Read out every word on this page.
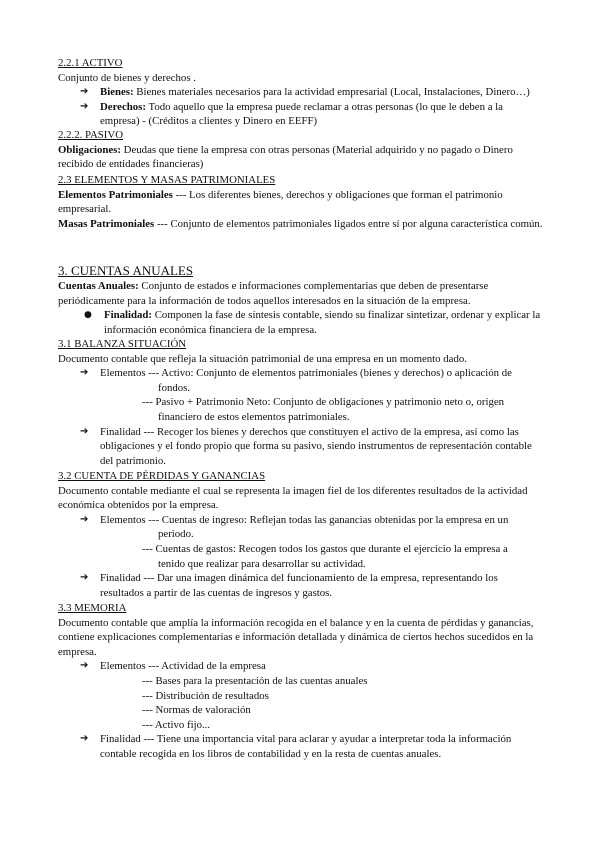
2.2.1 ACTIVO

Conjunto de bienes y derechos .

➔	Bienes: Bienes materiales necesarios para la actividad empresarial (Local, Instalaciones, Dinero…)
➔	Derechos: Todo aquello que la empresa puede reclamar a otras personas (lo que le deben a la empresa) - (Créditos a clientes y Dinero en EEFF)

2.2.2. PASIVO

Obligaciones: Deudas que tiene la empresa con otras personas (Material adquirido y no pagado o Dinero recibido de entidades financieras)

2.3 ELEMENTOS Y MASAS PATRIMONIALES

Elementos Patrimoniales --- Los diferentes bienes, derechos y obligaciones que forman el patrimonio empresarial.

Masas Patrimoniales --- Conjunto de elementos patrimoniales ligados entre sí por alguna característica común.

3. CUENTAS ANUALES

Cuentas Anuales: Conjunto de estados e informaciones complementarias que deben de presentarse periódicamente para la información de todos aquellos interesados en la situación de la empresa.

●	Finalidad: Componen la fase de síntesis contable, siendo su finalizar sintetizar, ordenar y explicar la información económica financiera de la empresa.

3.1 BALANZA SITUACIÓN

Documento contable que refleja la situación patrimonial de una empresa en un momento dado.

➔	Elementos --- Activo: Conjunto de elementos patrimoniales (bienes y derechos) o aplicación de

fondos.

--- Pasivo + Patrimonio Neto: Conjunto de obligaciones y patrimonio neto o, origen

financiero de estos elementos patrimoniales.

➔	Finalidad --- Recoger los bienes y derechos que constituyen el activo de la empresa, así como las obligaciones y el fondo propio que forma su pasivo, siendo instrumentos de representación contable del patrimonio.

3.2 CUENTA DE PÉRDIDAS Y GANANCIAS

Documento contable mediante el cual se representa la imagen fiel de los diferentes resultados de la actividad económica obtenidos por la empresa.

➔	Elementos --- Cuentas de ingreso: Reflejan todas las ganancias obtenidas por la empresa en un

periodo.

--- Cuentas de gastos: Recogen todos los gastos que durante el ejercicio la empresa a

tenido que realizar para desarrollar su actividad.

➔	Finalidad --- Dar una imagen dinámica del funcionamiento de la empresa, representando los resultados a partir de las cuentas de ingresos y gastos.

3.3 MEMORIA

Documento contable que amplía la información recogida en el balance y en la cuenta de pérdidas y ganancias, contiene explicaciones complementarias e información detallada y dinámica de ciertos hechos sucedidos en la empresa.

➔	Elementos --- Actividad de la empresa

--- Bases para la presentación de las cuentas anuales

--- Distribución de resultados

--- Normas de valoración

--- Activo fijo...

➔	Finalidad --- Tiene una importancia vital para aclarar y ayudar a interpretar toda la información contable recogida en los libros de contabilidad y en la resta de cuentas anuales.
